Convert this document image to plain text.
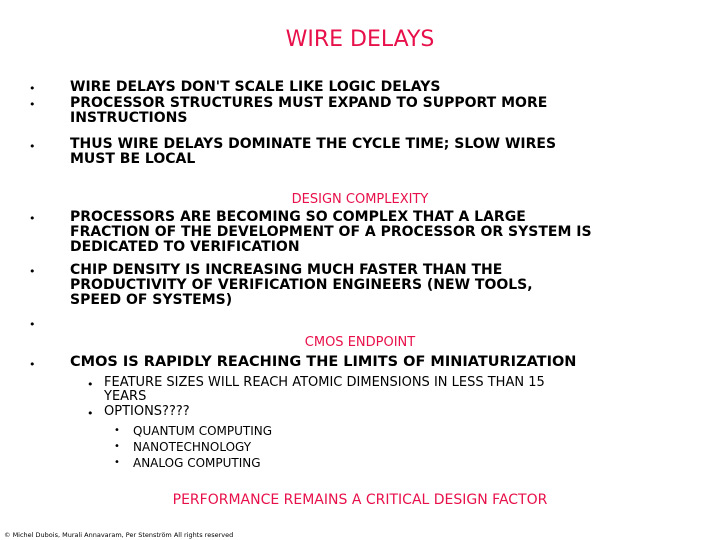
WIRE DELAYS
• WIRE DELAYS DON'T SCALE LIKE LOGIC DELAYS
• PROCESSOR STRUCTURES MUST EXPAND TO SUPPORT MORE
INSTRUCTIONS
• THUS WIRE DELAYS DOMINATE THE CYCLE TIME; SLOW WIRES
MUST BE LOCAL
DESIGN COMPLEXITY
• PROCESSORS ARE BECOMING SO COMPLEX THAT A LARGE
FRACTION OF THE DEVELOPMENT OF A PROCESSOR OR SYSTEM IS
DEDICATED TO VERIFICATION
• CHIP DENSITY IS INCREASING MUCH FASTER THAN THE
PRODUCTIVITY OF VERIFICATION ENGINEERS (NEW TOOLS,
SPEED OF SYSTEMS)
•
CMOS ENDPOINT
• CMOS IS RAPIDLY REACHING THE LIMITS OF MINIATURIZATION
• FEATURE SIZES WILL REACH ATOMIC DIMENSIONS IN LESS THAN 15
YEARS
• OPTIONS????
• QUANTUM COMPUTING
• NANOTECHNOLOGY
• ANALOG COMPUTING
PERFORMANCE REMAINS A CRITICAL DESIGN FACTOR
© Michel Dubois, Murali Annavaram, Per Stenström All rights reserved
